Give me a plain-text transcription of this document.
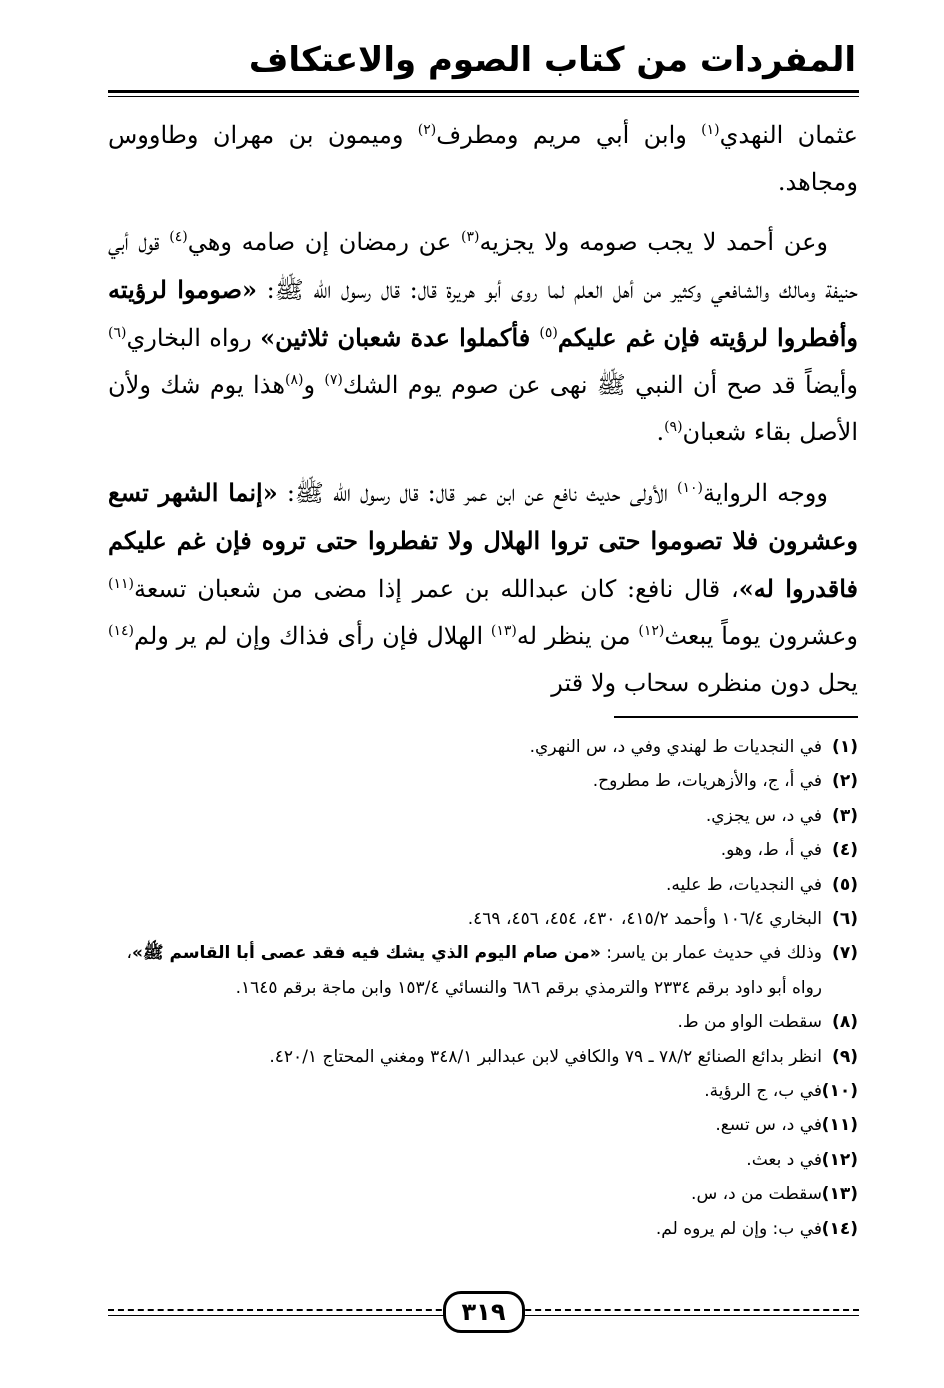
المفردات من كتاب الصوم والاعتكاف

عثمان النهدي$^{(١)}$ وابن أبي مريم ومطرف$^{(٢)}$ وميمون بن مهران وطاووس ومجاهد.

وعن أحمد لا يجب صومه ولا يجزيه$^{(٣)}$ عن رمضان إن صامه وهي$^{(٤)}$ قول أبي حنيفة ومالك والشافعي وكثير من أهل العلم لما روى أبو هريرة قال: قال رسول الله ﷺ: «صوموا لرؤيته وأفطروا لرؤيته فإن غم عليكم$^{(٥)}$ فأكملوا عدة شعبان ثلاثين» رواه البخاري$^{(٦)}$ وأيضاً قد صح أن النبي ﷺ نهى عن صوم يوم الشك$^{(٧)}$ و$^{(٨)}$هذا يوم شك ولأن الأصل بقاء شعبان$^{(٩)}$.

ووجه الرواية$^{(١٠)}$ الأولى حديث نافع عن ابن عمر قال: قال رسول الله ﷺ: «إنما الشهر تسع وعشرون فلا تصوموا حتى تروا الهلال ولا تفطروا حتى تروه فإن غم عليكم فاقدروا له»، قال نافع: كان عبدالله بن عمر إذا مضى من شعبان تسعة$^{(١١)}$ وعشرون يوماً يبعث$^{(١٢)}$ من ينظر له$^{(١٣)}$ الهلال فإن رأى فذاك وإن لم ير ولم$^{(١٤)}$ يحل دون منظره سحاب ولا قتر

(١)
في النجديات ط لهندي وفي د، س النهري.
(٢)
في أ، ج، والأزهريات، ط مطروح.
(٣)
في د، س يجزي.
(٤)
في أ، ط، وهو.
(٥)
في النجديات، ط عليه.
(٦)
البخاري ١٠٦/٤ وأحمد ٤١٥/٢، ٤٣٠، ٤٥٤، ٤٥٦، ٤٦٩.
(٧)
وذلك في حديث عمار بن ياسر: «من صام اليوم الذي يشك فيه فقد عصى أبا القاسم ﷺ»، رواه أبو داود برقم ٢٣٣٤ والترمذي برقم ٦٨٦ والنسائي ١٥٣/٤ وابن ماجة برقم ١٦٤٥.
(٨)
سقطت الواو من ط.
(٩)
انظر بدائع الصنائع ٧٨/٢ ـ ٧٩ والكافي لابن عبدالبر ٣٤٨/١ ومغني المحتاج ٤٢٠/١.
(١٠)
في ب، ج الرؤية.
(١١)
في د، س تسع.
(١٢)
في د بعث.
(١٣)
سقطت من د، س.
(١٤)
في ب: وإن لم يروه لم.
٣١٩
